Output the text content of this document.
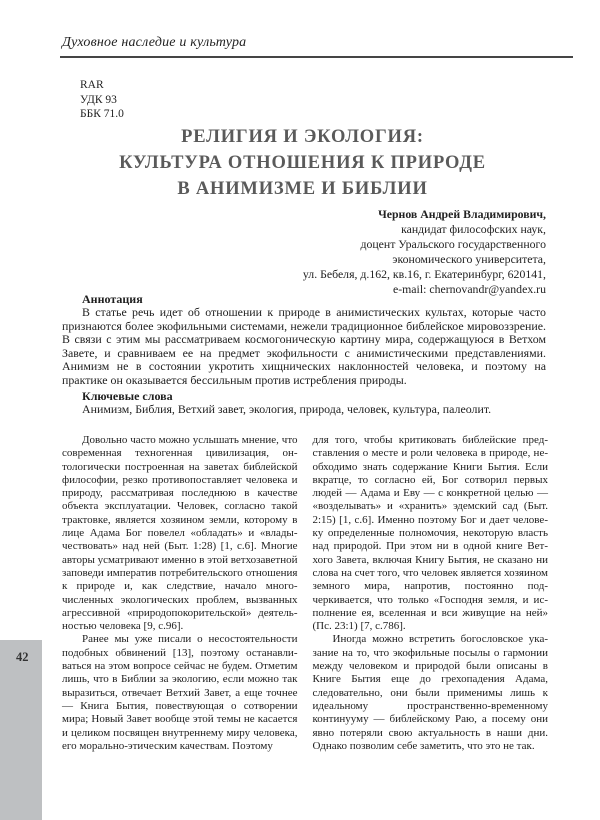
Духовное наследие и культура
RAR
УДК 93
ББК 71.0
РЕЛИГИЯ И ЭКОЛОГИЯ:
КУЛЬТУРА ОТНОШЕНИЯ К ПРИРОДЕ
В АНИМИЗМЕ И БИБЛИИ
Чернов Андрей Владимирович,
кандидат философских наук,
доцент Уральского государственного
экономического университета,
ул. Бебеля, д.162, кв.16, г. Екатеринбург, 620141,
e-mail: chernovandr@yandex.ru
Аннотация

В статье речь идет об отношении к природе в анимистических культах, которые часто признаются более экофильными системами, нежели традиционное библейское мировоззрение. В связи с этим мы рассматриваем космогоническую картину мира, содержащуюся в Ветхом Завете, и сравниваем ее на предмет экофильности с анимистическими представлениями. Анимизм не в состоянии укротить хищнических наклонностей человека, и поэтому на практике он оказывается бессильным против истребления природы.

Ключевые слова

Анимизм, Библия, Ветхий завет, экология, природа, человек, культура, палеолит.

Довольно часто можно услышать мнение, что современная техногенная цивилизация, онтологически построенная на заветах библейской философии, резко противопоставляет человека и природу, рассматривая последнюю в качестве объекта эксплуатации. Человек, согласно такой трактовке, является хозяином земли, которому в лице Адама Бог повелел «обладать» и «владычествовать» над ней (Быт. 1:28) [1, с.6]. Многие авторы усматривают именно в этой ветхозаветной заповеди императив потребительского отношения к природе и, как следствие, начало многочисленных экологических проблем, вызванных агрессивной «природопокорительской» деятельностью человека [9, с.96].

Ранее мы уже писали о несостоятельности подобных обвинений [13], поэтому останавливаться на этом вопросе сейчас не будем. Отметим лишь, что в Библии за экологию, если можно так выразиться, отвечает Ветхий Завет, а еще точнее — Книга Бытия, повествующая о сотворении мира; Новый Завет вообще этой темы не касается и целиком посвящен внутреннему миру человека, его морально-этическим качествам. Поэтому

для того, чтобы критиковать библейские представления о месте и роли человека в природе, необходимо знать содержание Книги Бытия. Если вкратце, то согласно ей, Бог сотворил первых людей — Адама и Еву — с конкретной целью — «возделывать» и «хранить» эдемский сад (Быт. 2:15) [1, с.6]. Именно поэтому Бог и дает человеку определенные полномочия, некоторую власть над природой. При этом ни в одной книге Ветхого Завета, включая Книгу Бытия, не сказано ни слова на счет того, что человек является хозяином земного мира, напротив, постоянно подчеркивается, что только «Господня земля, и исполнение ея, вселенная и вси живущие на ней» (Пс. 23:1) [7, с.786].

Иногда можно встретить богословское указание на то, что экофильные посылы о гармонии между человеком и природой были описаны в Книге Бытия еще до грехопадения Адама, следовательно, они были применимы лишь к идеальному пространственно-временному континууму — библейскому Раю, а посему они явно потеряли свою актуальность в наши дни. Однако позволим себе заметить, что это не так.

42
